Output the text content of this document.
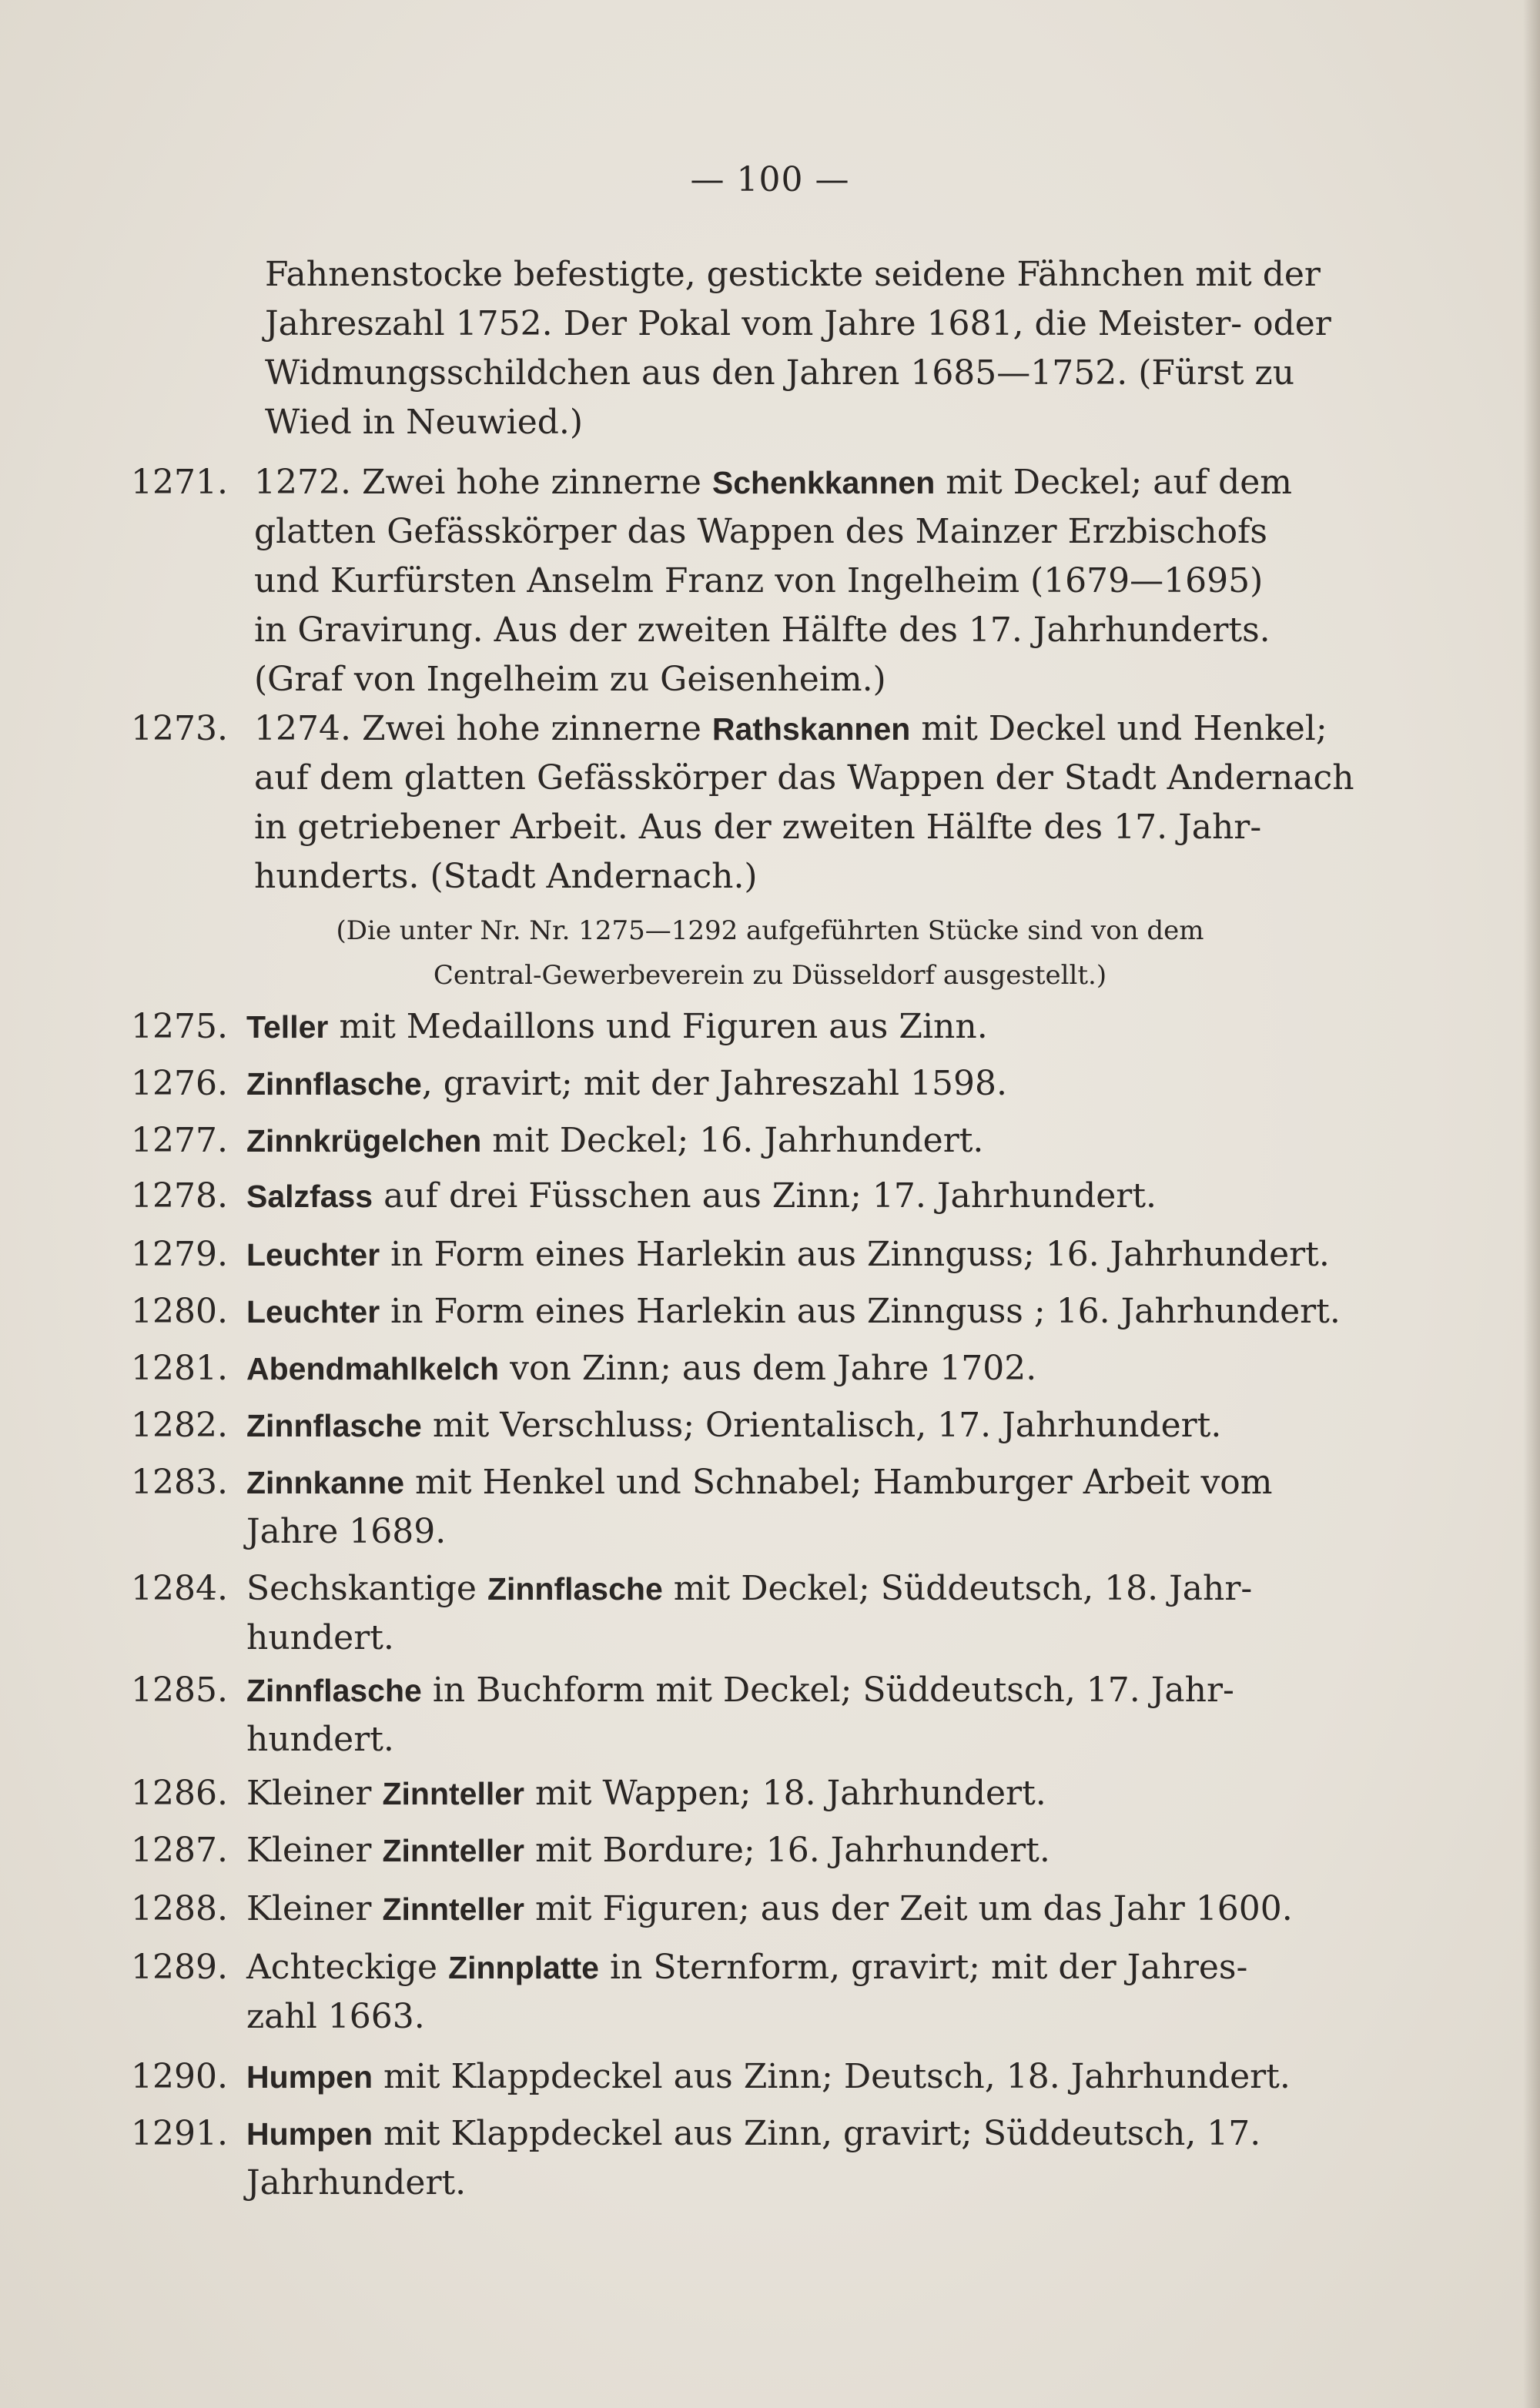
— 100 —
Fahnenstocke befestigte, gestickte seidene Fähnchen mit der
Jahreszahl 1752. Der Pokal vom Jahre 1681, die Meister- oder
Widmungsschildchen aus den Jahren 1685—1752. (Fürst zu
Wied in Neuwied.)
1271. 1272. Zwei hohe zinnerne Schenkkannen mit Deckel; auf dem
glatten Gefässkörper das Wappen des Mainzer Erzbischofs
und Kurfürsten Anselm Franz von Ingelheim (1679—1695)
in Gravirung. Aus der zweiten Hälfte des 17. Jahrhunderts.
(Graf von Ingelheim zu Geisenheim.)
1273. 1274. Zwei hohe zinnerne Rathskannen mit Deckel und Henkel;
auf dem glatten Gefässkörper das Wappen der Stadt Andernach
in getriebener Arbeit. Aus der zweiten Hälfte des 17. Jahr-
hunderts. (Stadt Andernach.)
(Die unter Nr. Nr. 1275—1292 aufgeführten Stücke sind von dem
Central-Gewerbeverein zu Düsseldorf ausgestellt.)
1275. Teller mit Medaillons und Figuren aus Zinn.
1276. Zinnflasche, gravirt; mit der Jahreszahl 1598.
1277. Zinnkrügelchen mit Deckel; 16. Jahrhundert.
1278. Salzfass auf drei Füsschen aus Zinn; 17. Jahrhundert.
1279. Leuchter in Form eines Harlekin aus Zinnguss; 16. Jahrhundert.
1280. Leuchter in Form eines Harlekin aus Zinnguss ; 16. Jahrhundert.
1281. Abendmahlkelch von Zinn; aus dem Jahre 1702.
1282. Zinnflasche mit Verschluss; Orientalisch, 17. Jahrhundert.
1283. Zinnkanne mit Henkel und Schnabel; Hamburger Arbeit vom
Jahre 1689.
1284. Sechskantige Zinnflasche mit Deckel; Süddeutsch, 18. Jahr-
hundert.
1285. Zinnflasche in Buchform mit Deckel; Süddeutsch, 17. Jahr-
hundert.
1286. Kleiner Zinnteller mit Wappen; 18. Jahrhundert.
1287. Kleiner Zinnteller mit Bordure; 16. Jahrhundert.
1288. Kleiner Zinnteller mit Figuren; aus der Zeit um das Jahr 1600.
1289. Achteckige Zinnplatte in Sternform, gravirt; mit der Jahres-
zahl 1663.
1290. Humpen mit Klappdeckel aus Zinn; Deutsch, 18. Jahrhundert.
1291. Humpen mit Klappdeckel aus Zinn, gravirt; Süddeutsch, 17.
Jahrhundert.
